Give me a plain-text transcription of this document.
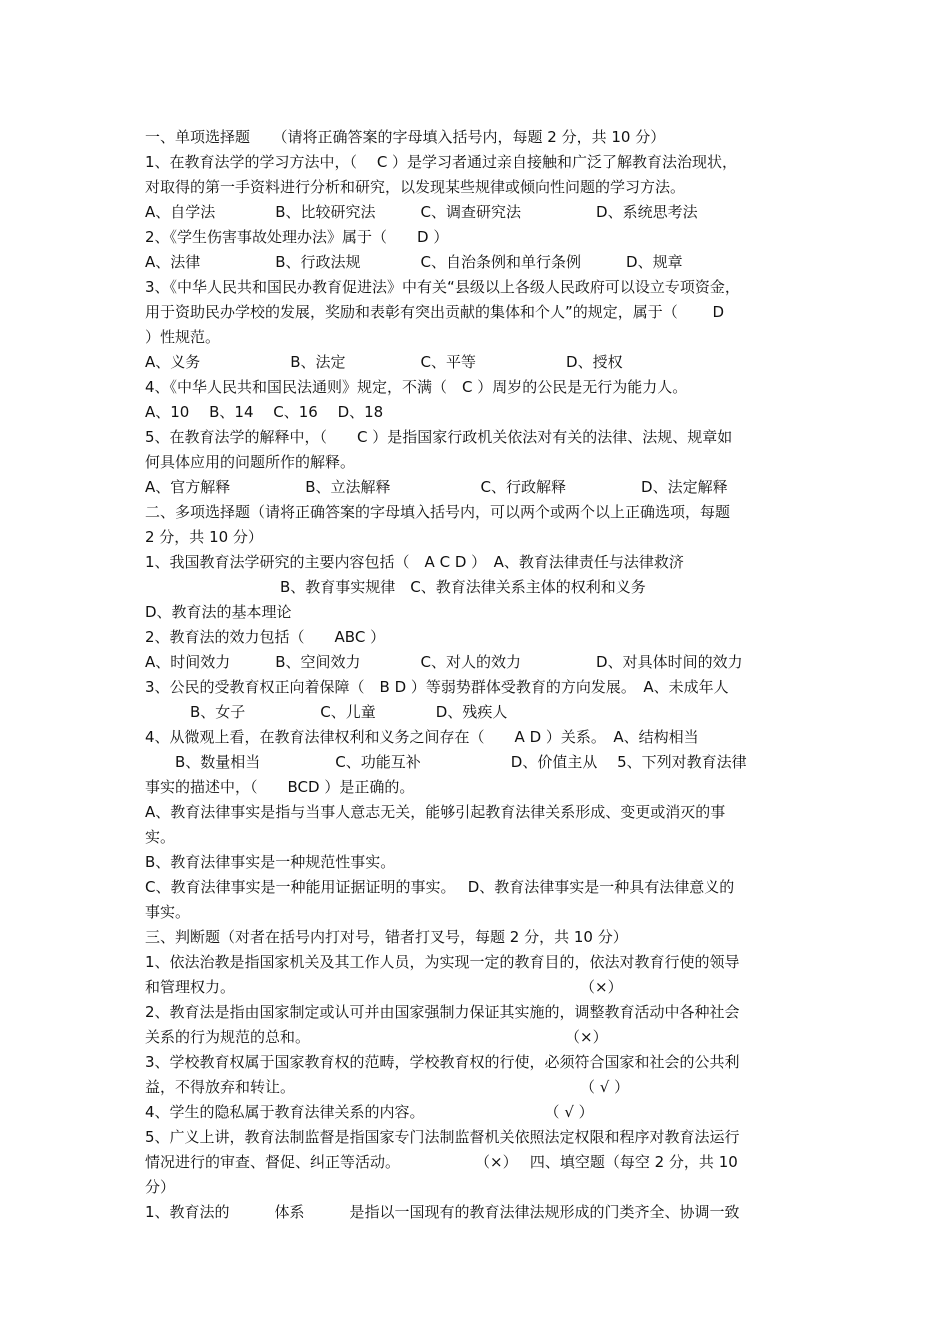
一、单项选择题　　（请将正确答案的字母填入括号内，每题 2 分，共 10 分）
1、在教育法学的学习方法中，（　 C ）是学习者通过亲自接触和广泛了解教育法治现状，
对取得的第一手资料进行分析和研究，以发现某些规律或倾向性问题的学习方法。
A、自学法　　　　B、比较研究法　　　C、调查研究法　　　　　D、系统思考法
2、《学生伤害事故处理办法》属于（　　D ）
A、法律　　　　　B、行政法规　　　　C、自治条例和单行条例　　　D、规章
3、《中华人民共和国民办教育促进法》中有关“县级以上各级人民政府可以设立专项资金，
用于资助民办学校的发展，奖励和表彰有突出贡献的集体和个人”的规定，属于（　　 D
）性规范。
A、义务　　　　　　B、法定　　　　　C、平等　　　　　　D、授权
4、《中华人民共和国民法通则》规定，不满（　C ）周岁的公民是无行为能力人。
A、10　 B、14　 C、16　 D、18
5、在教育法学的解释中，（　　C ）是指国家行政机关依法对有关的法律、法规、规章如
何具体应用的问题所作的解释。
A、官方解释　　　　　B、立法解释　　　　　　C、行政解释　　　　　D、法定解释
二、多项选择题（请将正确答案的字母填入括号内，可以两个或两个以上正确选项，每题
2 分，共 10 分）
1、我国教育法学研究的主要内容包括（　A C D ）　A、教育法律责任与法律救济
　　　　　　　　　B、教育事实规律　C、教育法律关系主体的权利和义务
D、教育法的基本理论
2、教育法的效力包括（　　ABC ）
A、时间效力　　　B、空间效力　　　　C、对人的效力　　　　　D、对具体时间的效力
3、公民的受教育权正向着保障（　B D ）等弱势群体受教育的方向发展。　A、未成年人
　　　B、女子　　　　　C、儿童　　　　D、残疾人
4、从微观上看，在教育法律权利和义务之间存在（　　A D ）关系。　A、结构相当
　　B、数量相当　　　　　C、功能互补　　　　　　D、价值主从　 5、下列对教育法律
事实的描述中，（　　BCD ）是正确的。
A、教育法律事实是指与当事人意志无关，能够引起教育法律关系形成、变更或消灭的事
实。
B、教育法律事实是一种规范性事实。
C、教育法律事实是一种能用证据证明的事实。　 D、教育法律事实是一种具有法律意义的
事实。
三、判断题（对者在括号内打对号，错者打叉号，每题 2 分，共 10 分）
1、依法治教是指国家机关及其工作人员，为实现一定的教育目的，依法对教育行使的领导
和管理权力。　　　　　　　　　　　　　　　　　　　　　　　　（×）
2、教育法是指由国家制定或认可并由国家强制力保证其实施的，调整教育活动中各种社会
关系的行为规范的总和。　　　　　　　　　　　　　　　　　　（×）
3、学校教育权属于国家教育权的范畴，学校教育权的行使，必须符合国家和社会的公共利
益，不得放弃和转让。　　　　　　　　　　　　　　　　　　　　（ √ ）
4、学生的隐私属于教育法律关系的内容。　　　　　　　　　（ √ ）
5、广义上讲，教育法制监督是指国家专门法制监督机关依照法定权限和程序对教育法运行
情况进行的审查、督促、纠正等活动。　　　　　　（×）　 四、填空题（每空 2 分，共 10
分）
1、教育法的　　　体系　　　是指以一国现有的教育法律法规形成的门类齐全、协调一致
